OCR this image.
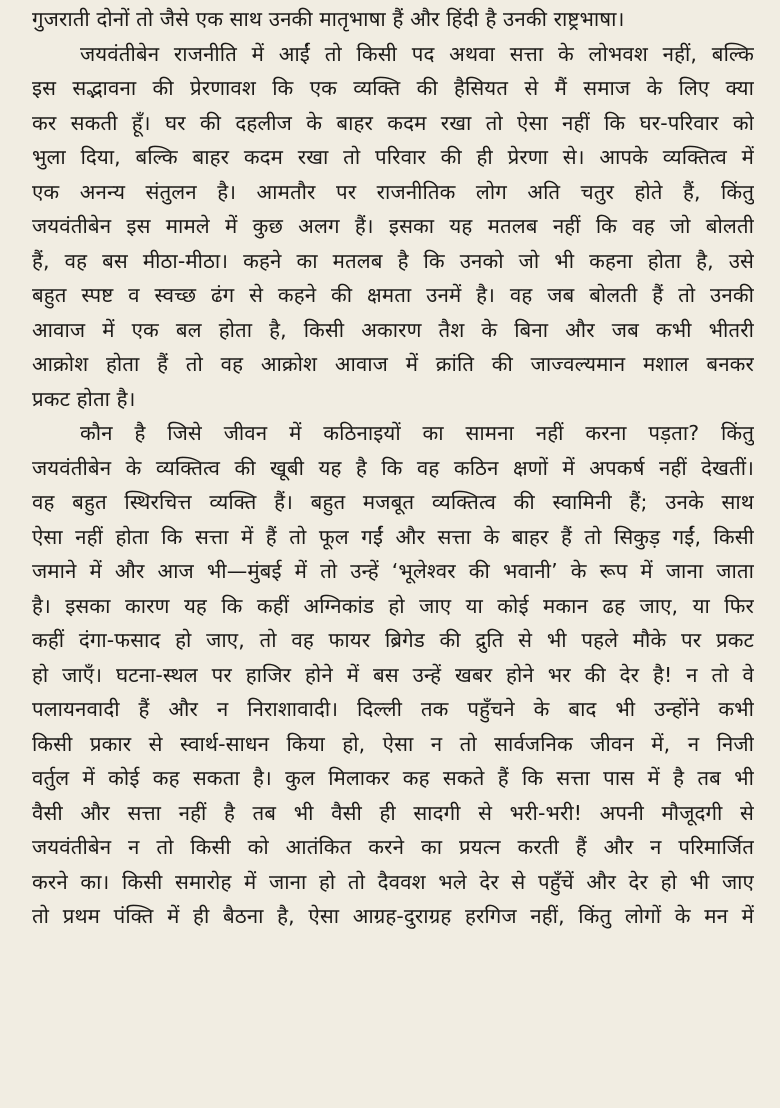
गुजराती दोनों तो जैसे एक साथ उनकी मातृभाषा हैं और हिंदी है उनकी राष्ट्रभाषा।
जयवंतीबेन राजनीति में आईं तो किसी पद अथवा सत्ता के लोभवश नहीं, बल्कि
इस सद्भावना की प्रेरणावश कि एक व्यक्ति की हैसियत से मैं समाज के लिए क्या
कर सकती हूँ। घर की दहलीज के बाहर कदम रखा तो ऐसा नहीं कि घर-परिवार को
भुला दिया, बल्कि बाहर कदम रखा तो परिवार की ही प्रेरणा से। आपके व्यक्तित्व में
एक अनन्य संतुलन है। आमतौर पर राजनीतिक लोग अति चतुर होते हैं, किंतु
जयवंतीबेन इस मामले में कुछ अलग हैं। इसका यह मतलब नहीं कि वह जो बोलती
हैं, वह बस मीठा-मीठा। कहने का मतलब है कि उनको जो भी कहना होता है, उसे
बहुत स्पष्ट व स्वच्छ ढंग से कहने की क्षमता उनमें है। वह जब बोलती हैं तो उनकी
आवाज में एक बल होता है, किसी अकारण तैश के बिना और जब कभी भीतरी
आक्रोश होता हैं तो वह आक्रोश आवाज में क्रांति की जाज्वल्यमान मशाल बनकर
प्रकट होता है।
कौन है जिसे जीवन में कठिनाइयों का सामना नहीं करना पड़ता? किंतु
जयवंतीबेन के व्यक्तित्व की खूबी यह है कि वह कठिन क्षणों में अपकर्ष नहीं देखतीं।
वह बहुत स्थिरचित्त व्यक्ति हैं। बहुत मजबूत व्यक्तित्व की स्वामिनी हैं; उनके साथ
ऐसा नहीं होता कि सत्ता में हैं तो फूल गईं और सत्ता के बाहर हैं तो सिकुड़ गईं, किसी
जमाने में और आज भी—मुंबई में तो उन्हें ‘भूलेश्वर की भवानी’ के रूप में जाना जाता
है। इसका कारण यह कि कहीं अग्निकांड हो जाए या कोई मकान ढह जाए, या फिर
कहीं दंगा-फसाद हो जाए, तो वह फायर ब्रिगेड की द्रुति से भी पहले मौके पर प्रकट
हो जाएँ। घटना-स्थल पर हाजिर होने में बस उन्हें खबर होने भर की देर है! न तो वे
पलायनवादी हैं और न निराशावादी। दिल्ली तक पहुँचने के बाद भी उन्होंने कभी
किसी प्रकार से स्वार्थ-साधन किया हो, ऐसा न तो सार्वजनिक जीवन में, न निजी
वर्तुल में कोई कह सकता है। कुल मिलाकर कह सकते हैं कि सत्ता पास में है तब भी
वैसी और सत्ता नहीं है तब भी वैसी ही सादगी से भरी-भरी! अपनी मौजूदगी से
जयवंतीबेन न तो किसी को आतंकित करने का प्रयत्न करती हैं और न परिमार्जित
करने का। किसी समारोह में जाना हो तो दैववश भले देर से पहुँचें और देर हो भी जाए
तो प्रथम पंक्ति में ही बैठना है, ऐसा आग्रह-दुराग्रह हरगिज नहीं, किंतु लोगों के मन में
